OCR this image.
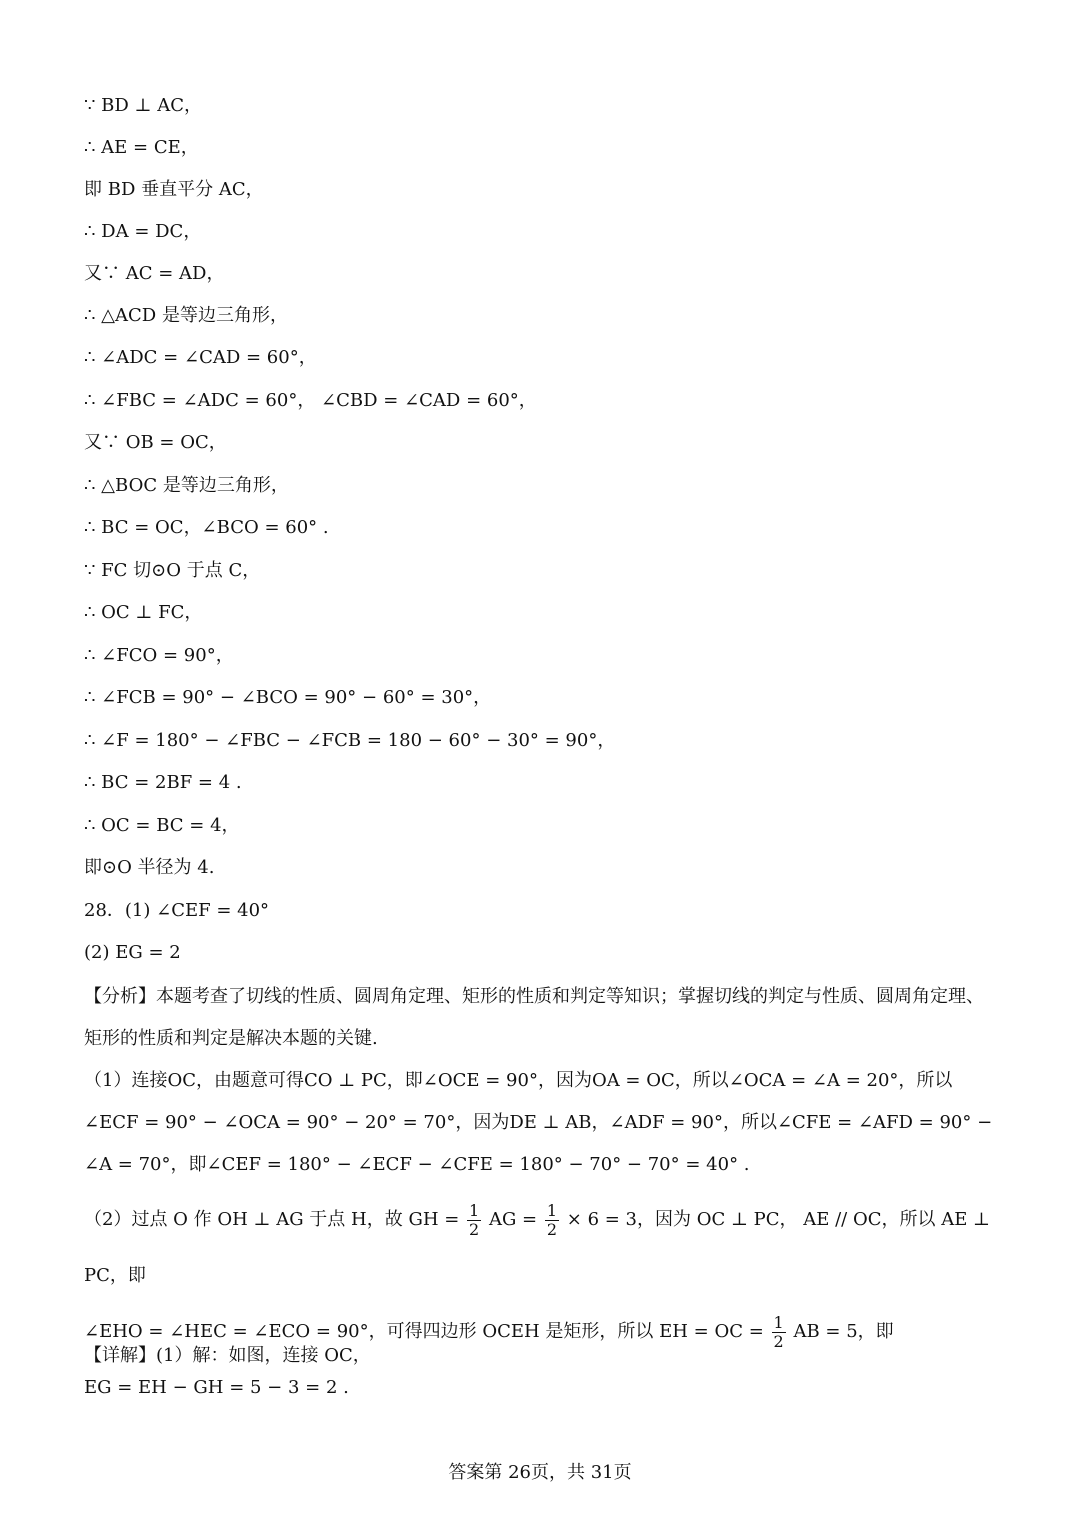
∵ BD ⊥ AC，
∴ AE = CE，
即 BD 垂直平分 AC，
∴ DA = DC，
又∵ AC = AD，
∴ △ACD 是等边三角形，
∴ ∠ADC = ∠CAD = 60°，
∴ ∠FBC = ∠ADC = 60°， ∠CBD = ∠CAD = 60°，
又∵ OB = OC，
∴ △BOC 是等边三角形，
∴ BC = OC，∠BCO = 60° .
∵ FC 切⊙O 于点 C，
∴ OC ⊥ FC，
∴ ∠FCO = 90°，
∴ ∠FCB = 90° − ∠BCO = 90° − 60° = 30°，
∴ ∠F = 180° − ∠FBC − ∠FCB = 180 − 60° − 30° = 90°，
∴ BC = 2BF = 4 .
∴ OC = BC = 4，
即⊙O 半径为 4.
28．(1) ∠CEF = 40°
(2) EG = 2
【分析】本题考查了切线的性质、圆周角定理、矩形的性质和判定等知识；掌握切线的判定与性质、圆周角定理、矩形的性质和判定是解决本题的关键.
（1）连接OC，由题意可得CO ⊥ PC，即∠OCE = 90°，因为OA = OC，所以∠OCA = ∠A = 20°，所以∠ECF = 90° − ∠OCA = 90° − 20° = 70°，因为DE ⊥ AB，∠ADF = 90°，所以∠CFE = ∠AFD = 90° − ∠A = 70°，即∠CEF = 180° − ∠ECF − ∠CFE = 180° − 70° − 70° = 40° .
（2）过点 O 作 OH ⊥ AG 于点 H，故 GH = $\frac{1}{2}$ AG = $\frac{1}{2} \times 6 = 3$，因为 OC ⊥ PC， AE // OC，所以 AE ⊥ PC，即
∠EHO = ∠HEC = ∠ECO = 90°，可得四边形 OCEH 是矩形，所以 EH = OC = $\frac{1}{2}$ AB = 5，即
EG = EH − GH = 5 − 3 = 2 .
【详解】(1）解：如图，连接 OC，
答案第 26页，共 31页
